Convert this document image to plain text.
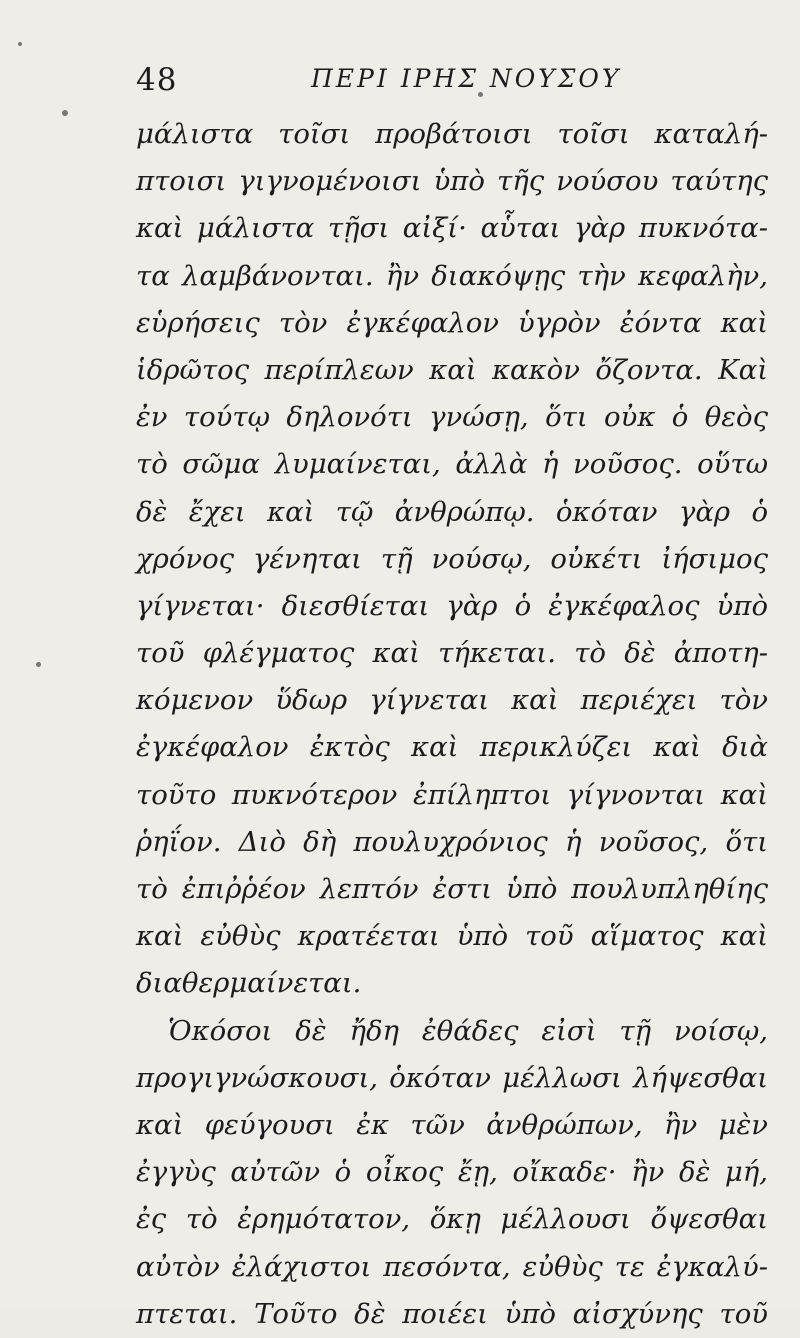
48	ΠΕΡΙ ΙΡΗΣ ΝΟΥΣΟΥ
μάλιστα τοῖσι προβάτοισι τοῖσι καταλή-
πτοισι γιγνομένοισι ὑπὸ τῆς νούσου ταύτης
καὶ μάλιστα τῇσι αἰξί· αὗται γὰρ πυκνότα-
τα λαμβάνονται. ἢν διακόψῃς τὴν κεφαλὴν,
εὑρήσεις τὸν ἐγκέφαλον ὑγρὸν ἐόντα καὶ
ἱδρῶτος περίπλεων καὶ κακὸν ὄζοντα. Καὶ
ἐν τούτῳ δηλονότι γνώσῃ, ὅτι οὐκ ὁ θεὸς
τὸ σῶμα λυμαίνεται, ἀλλὰ ἡ νοῦσος. οὕτω
δὲ ἔχει καὶ τῷ ἀνθρώπῳ. ὁκόταν γὰρ ὁ
χρόνος γένηται τῇ νούσῳ, οὐκέτι ἰήσιμος
γίγνεται· διεσθίεται γὰρ ὁ ἐγκέφαλος ὑπὸ
τοῦ φλέγματος καὶ τήκεται. τὸ δὲ ἀποτη-
κόμενον ὕδωρ γίγνεται καὶ περιέχει τὸν
ἐγκέφαλον ἐκτὸς καὶ περικλύζει καὶ διὰ
τοῦτο πυκνότερον ἐπίληπτοι γίγνονται καὶ
ῥηΐον. Διὸ δὴ πουλυχρόνιος ἡ νοῦσος, ὅτι
τὸ ἐπιῤῥέον λεπτόν ἐστι ὑπὸ πουλυπληθίης
καὶ εὐθὺς κρατέεται ὑπὸ τοῦ αἵματος καὶ
διαθερμαίνεται.
Ὁκόσοι δὲ ἤδη ἐθάδες εἰσὶ τῇ νοίσῳ,
προγιγνώσκουσι, ὁκόταν μέλλωσι λήψεσθαι
καὶ φεύγουσι ἐκ τῶν ἀνθρώπων, ἢν μὲν
ἐγγὺς αὐτῶν ὁ οἶκος ἔῃ, οἴκαδε· ἢν δὲ μή,
ἐς τὸ ἐρημότατον, ὅκῃ μέλλουσι ὄψεσθαι
αὐτὸν ἐλάχιστοι πεσόντα, εὐθὺς τε ἐγκαλύ-
πτεται. Τοῦτο δὲ ποιέει ὑπὸ αἰσχύνης τοῦ
